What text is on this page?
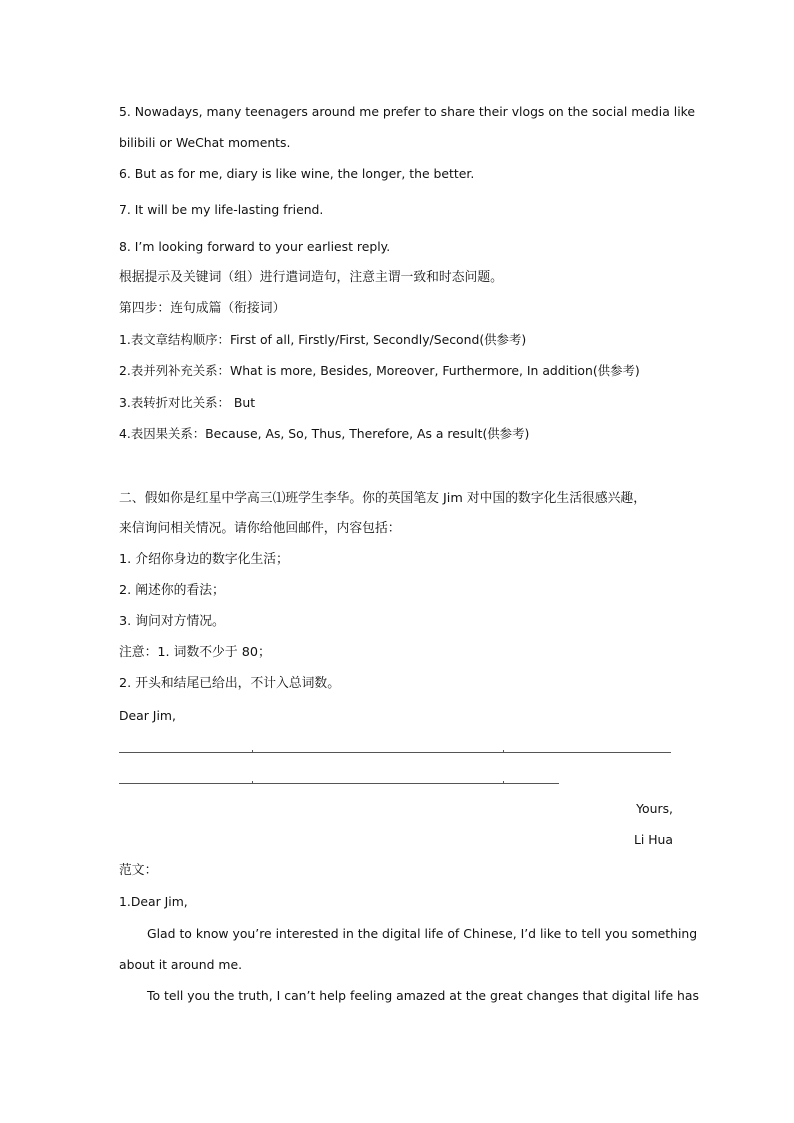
5. Nowadays, many teenagers around me prefer to share their vlogs on the social media like
bilibili or WeChat moments.
6. But as for me, diary is like wine, the longer, the better.
7. It will be my life-lasting friend.
8. I’m looking forward to your earliest reply.
根据提示及关键词（组）进行遣词造句，注意主谓一致和时态问题。
第四步：连句成篇（衔接词）
1.表文章结构顺序：First of all, Firstly/First, Secondly/Second(供参考)
2.表并列补充关系：What is more, Besides, Moreover, Furthermore, In addition(供参考)
3.表转折对比关系： But
4.表因果关系：Because, As, So, Thus, Therefore, As a result(供参考)
二、假如你是红星中学高三⑴班学生李华。你的英国笔友 Jim 对中国的数字化生活很感兴趣，
来信询问相关情况。请你给他回邮件，内容包括：
1. 介绍你身边的数字化生活；
2. 阐述你的看法；
3. 询问对方情况。
注意：1. 词数不少于 80；
2. 开头和结尾已给出，不计入总词数。
Dear Jim,
Yours,
Li Hua
范文：
1.Dear Jim,
Glad to know you’re interested in the digital life of Chinese, I’d like to tell you something
about it around me.
To tell you the truth, I can’t help feeling amazed at the great changes that digital life has
